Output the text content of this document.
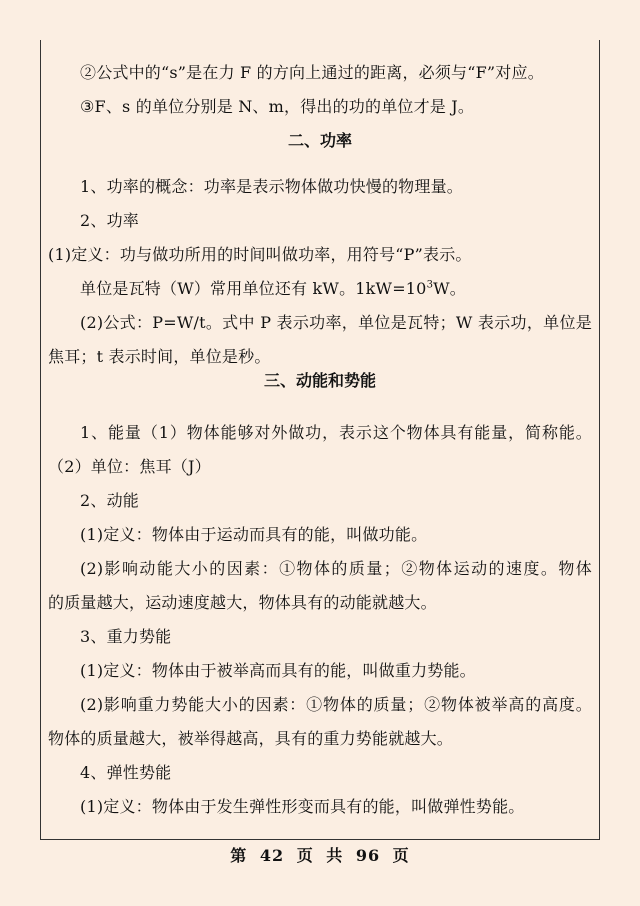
②公式中的“s”是在力 F 的方向上通过的距离，必须与“F”对应。
③F、s 的单位分别是 N、m，得出的功的单位才是 J。
二、功率
1、功率的概念：功率是表示物体做功快慢的物理量。
2、功率
(1)定义：功与做功所用的时间叫做功率，用符号“P”表示。
单位是瓦特（W）常用单位还有 kW。$1kW=10^3W$。
(2)公式：P=W/t。式中 P 表示功率，单位是瓦特；W 表示功，单位是
焦耳；t 表示时间，单位是秒。
三、动能和势能
1、能量（1）物体能够对外做功，表示这个物体具有能量，简称能。
（2）单位：焦耳（J）
2、动能
(1)定义：物体由于运动而具有的能，叫做功能。
(2)影响动能大小的因素：①物体的质量；②物体运动的速度。物体
的质量越大，运动速度越大，物体具有的动能就越大。
3、重力势能
(1)定义：物体由于被举高而具有的能，叫做重力势能。
(2)影响重力势能大小的因素：①物体的质量；②物体被举高的高度。
物体的质量越大，被举得越高，具有的重力势能就越大。
4、弹性势能
(1)定义：物体由于发生弹性形变而具有的能，叫做弹性势能。
第 42 页 共 96 页
